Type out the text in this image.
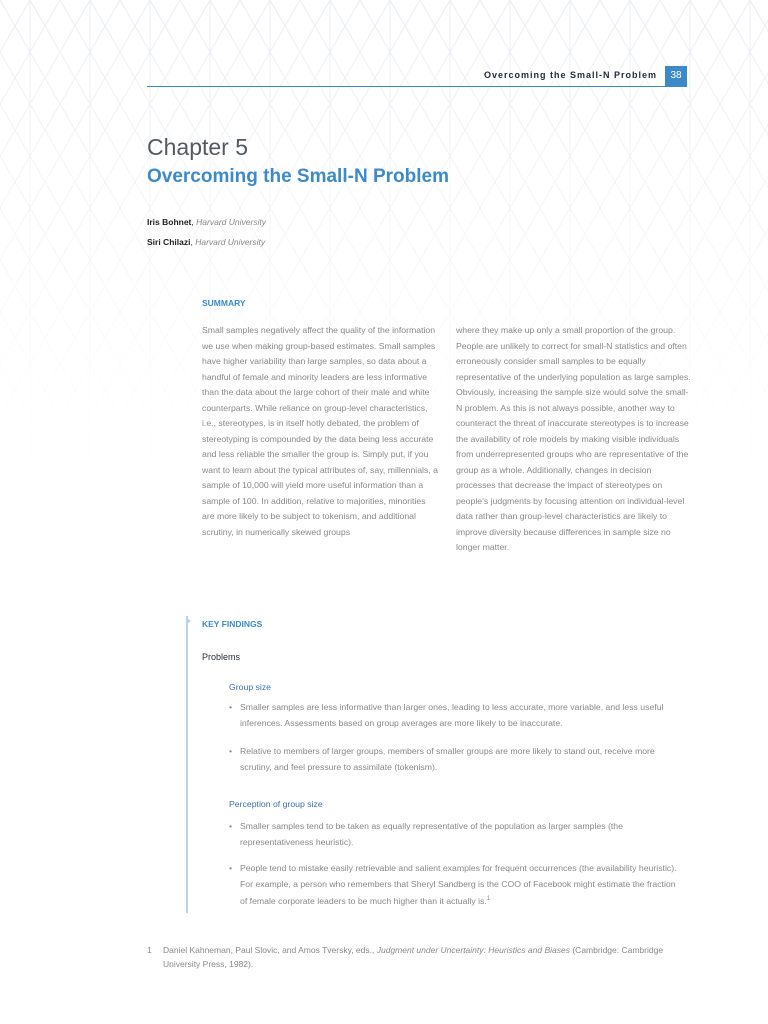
Overcoming the Small-N Problem	38
Chapter 5
Overcoming the Small-N Problem
Iris Bohnet, Harvard University
Siri Chilazi, Harvard University
SUMMARY

Small samples negatively affect the quality of the information we use when making group-based estimates. Small samples have higher variability than large samples, so data about a handful of female and minority leaders are less informative than the data about the large cohort of their male and white counterparts. While reliance on group-level characteristics, i.e., stereotypes, is in itself hotly debated, the problem of stereotyping is compounded by the data being less accurate and less reliable the smaller the group is. Simply put, if you want to learn about the typical attributes of, say, millennials, a sample of 10,000 will yield more useful information than a sample of 100. In addition, relative to majorities, minorities are more likely to be subject to tokenism, and additional scrutiny, in numerically skewed groups

where they make up only a small proportion of the group. People are unlikely to correct for small-N statistics and often erroneously consider small samples to be equally representative of the underlying population as large samples. Obviously, increasing the sample size would solve the small-N problem. As this is not always possible, another way to counteract the threat of inaccurate stereotypes is to increase the availability of role models by making visible individuals from underrepresented groups who are representative of the group as a whole. Additionally, changes in decision processes that decrease the impact of stereotypes on people’s judgments by focusing attention on individual-level data rather than group-level characteristics are likely to improve diversity because differences in sample size no longer matter.

KEY FINDINGS
Problems
Group size

• Smaller samples are less informative than larger ones, leading to less accurate, more variable, and less useful inferences. Assessments based on group averages are more likely to be inaccurate.

• Relative to members of larger groups, members of smaller groups are more likely to stand out, receive more scrutiny, and feel pressure to assimilate (tokenism).

Perception of group size

• Smaller samples tend to be taken as equally representative of the population as larger samples (the representativeness heuristic).

• People tend to mistake easily retrievable and salient examples for frequent occurrences (the availability heuristic). For example, a person who remembers that Sheryl Sandberg is the COO of Facebook might estimate the fraction of female corporate leaders to be much higher than it actually is.$^1$

1 Daniel Kahneman, Paul Slovic, and Amos Tversky, eds., Judgment under Uncertainty: Heuristics and Biases (Cambridge: Cambridge University Press, 1982).
